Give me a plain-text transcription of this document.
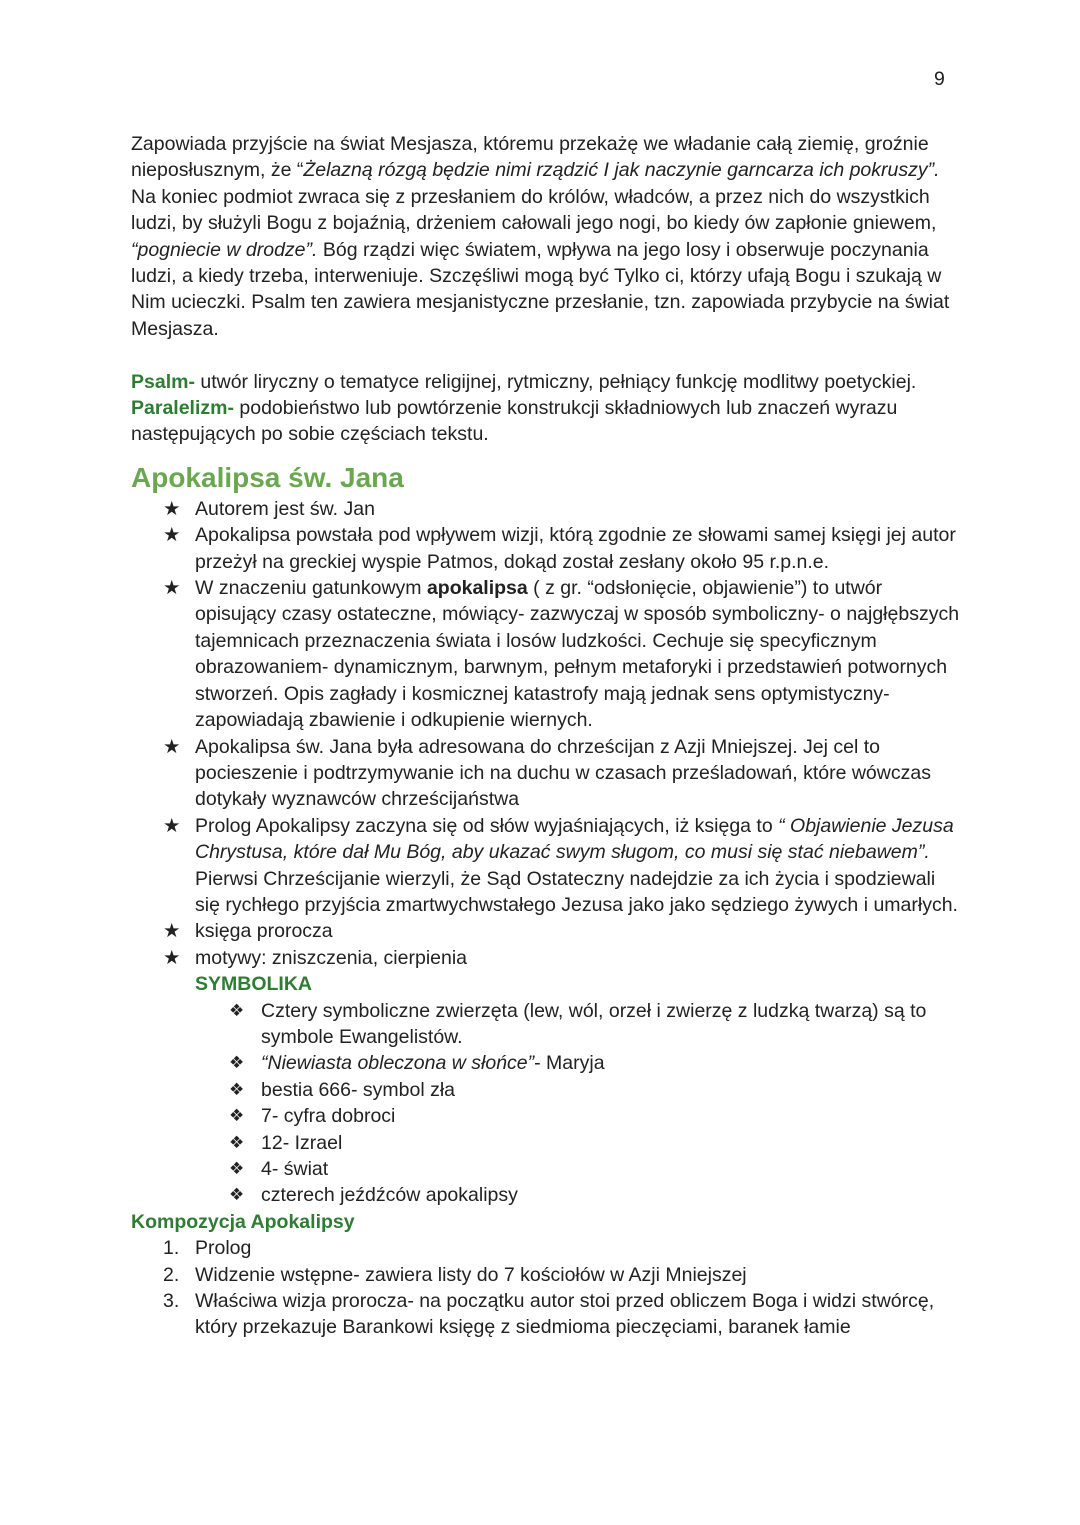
9

Zapowiada przyjście na świat Mesjasza, któremu przekażę we władanie całą ziemię, groźnie nieposłusznym, że “Żelazną rózgą będzie nimi rządzić I jak naczynie garncarza ich pokruszy”. Na koniec podmiot zwraca się z przesłaniem do królów, władców, a przez nich do wszystkich ludzi, by służyli Bogu z bojaźnią, drżeniem całowali jego nogi, bo kiedy ów zapłonie gniewem, “pogniecie w drodze”. Bóg rządzi więc światem, wpływa na jego losy i obserwuje poczynania ludzi, a kiedy trzeba, interweniuje. Szczęśliwi mogą być Tylko ci, którzy ufają Bogu i szukają w Nim ucieczki. Psalm ten zawiera mesjanistyczne przesłanie, tzn. zapowiada przybycie na świat Mesjasza.

Psalm- utwór liryczny o tematyce religijnej, rytmiczny, pełniący funkcję modlitwy poetyckiej.

Paralelizm- podobieństwo lub powtórzenie konstrukcji składniowych lub znaczeń wyrazu następujących po sobie częściach tekstu.

Apokalipsa św. Jana
★ Autorem jest św. Jan
★ Apokalipsa powstała pod wpływem wizji, którą zgodnie ze słowami samej księgi jej autor przeżył na greckiej wyspie Patmos, dokąd został zesłany około 95 r.p.n.e.
★ W znaczeniu gatunkowym apokalipsa ( z gr. “odsłonięcie, objawienie”) to utwór opisujący czasy ostateczne, mówiący- zazwyczaj w sposób symboliczny- o najgłębszych tajemnicach przeznaczenia świata i losów ludzkości. Cechuje się specyficznym obrazowaniem- dynamicznym, barwnym, pełnym metaforyki i przedstawień potwornych stworzeń. Opis zagłady i kosmicznej katastrofy mają jednak sens optymistyczny- zapowiadają zbawienie i odkupienie wiernych.
★ Apokalipsa św. Jana była adresowana do chrześcijan z Azji Mniejszej. Jej cel to pocieszenie i podtrzymywanie ich na duchu w czasach prześladowań, które wówczas dotykały wyznawców chrześcijaństwa
★ Prolog Apokalipsy zaczyna się od słów wyjaśniających, iż księga to “ Objawienie Jezusa Chrystusa, które dał Mu Bóg, aby ukazać swym sługom, co musi się stać niebawem”. Pierwsi Chrześcijanie wierzyli, że Sąd Ostateczny nadejdzie za ich życia i spodziewali się rychłego przyjścia zmartwychwstałego Jezusa jako jako sędziego żywych i umarłych.
★ księga prorocza
★ motywy: zniszczenia, cierpienia
SYMBOLIKA
❖ Cztery symboliczne zwierzęta (lew, wól, orzeł i zwierzę z ludzką twarzą) są to symbole Ewangelistów.
❖ “Niewiasta obleczona w słońce”- Maryja
❖ bestia 666- symbol zła
❖ 7- cyfra dobroci
❖ 12- Izrael
❖ 4- świat
❖ czterech jeźdźców apokalipsy
Kompozycja Apokalipsy
1. Prolog
2. Widzenie wstępne- zawiera listy do 7 kościołów w Azji Mniejszej
3. Właściwa wizja prorocza- na początku autor stoi przed obliczem Boga i widzi stwórcę, który przekazuje Barankowi księgę z siedmioma pieczęciami, baranek łamie
